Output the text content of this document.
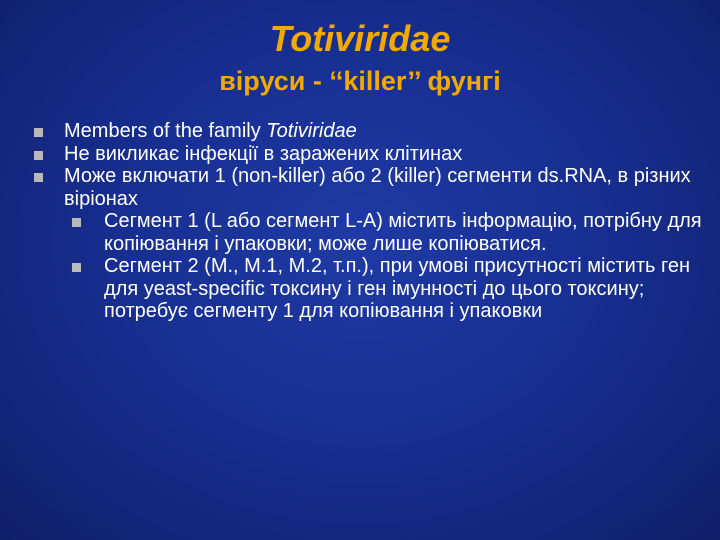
Totiviridae
віруси - ‘‘killer’’ фунгі
Members of the family Totiviridae
Не викликає інфекції в заражених клітинах
Може включати 1 (non-killer) або 2 (killer) сегменти ds.RNA, в різних віріонах
Сегмент 1 (L або сегмент L-A) містить інформацію, потрібну для копіювання і упаковки; може лише копіюватися.
Сегмент 2 (M., M.1, M.2, т.п.), при умові присутності містить ген для yeast-specific токсину і ген імунності до цього токсину; потребує сегменту 1 для копіювання і упаковки
